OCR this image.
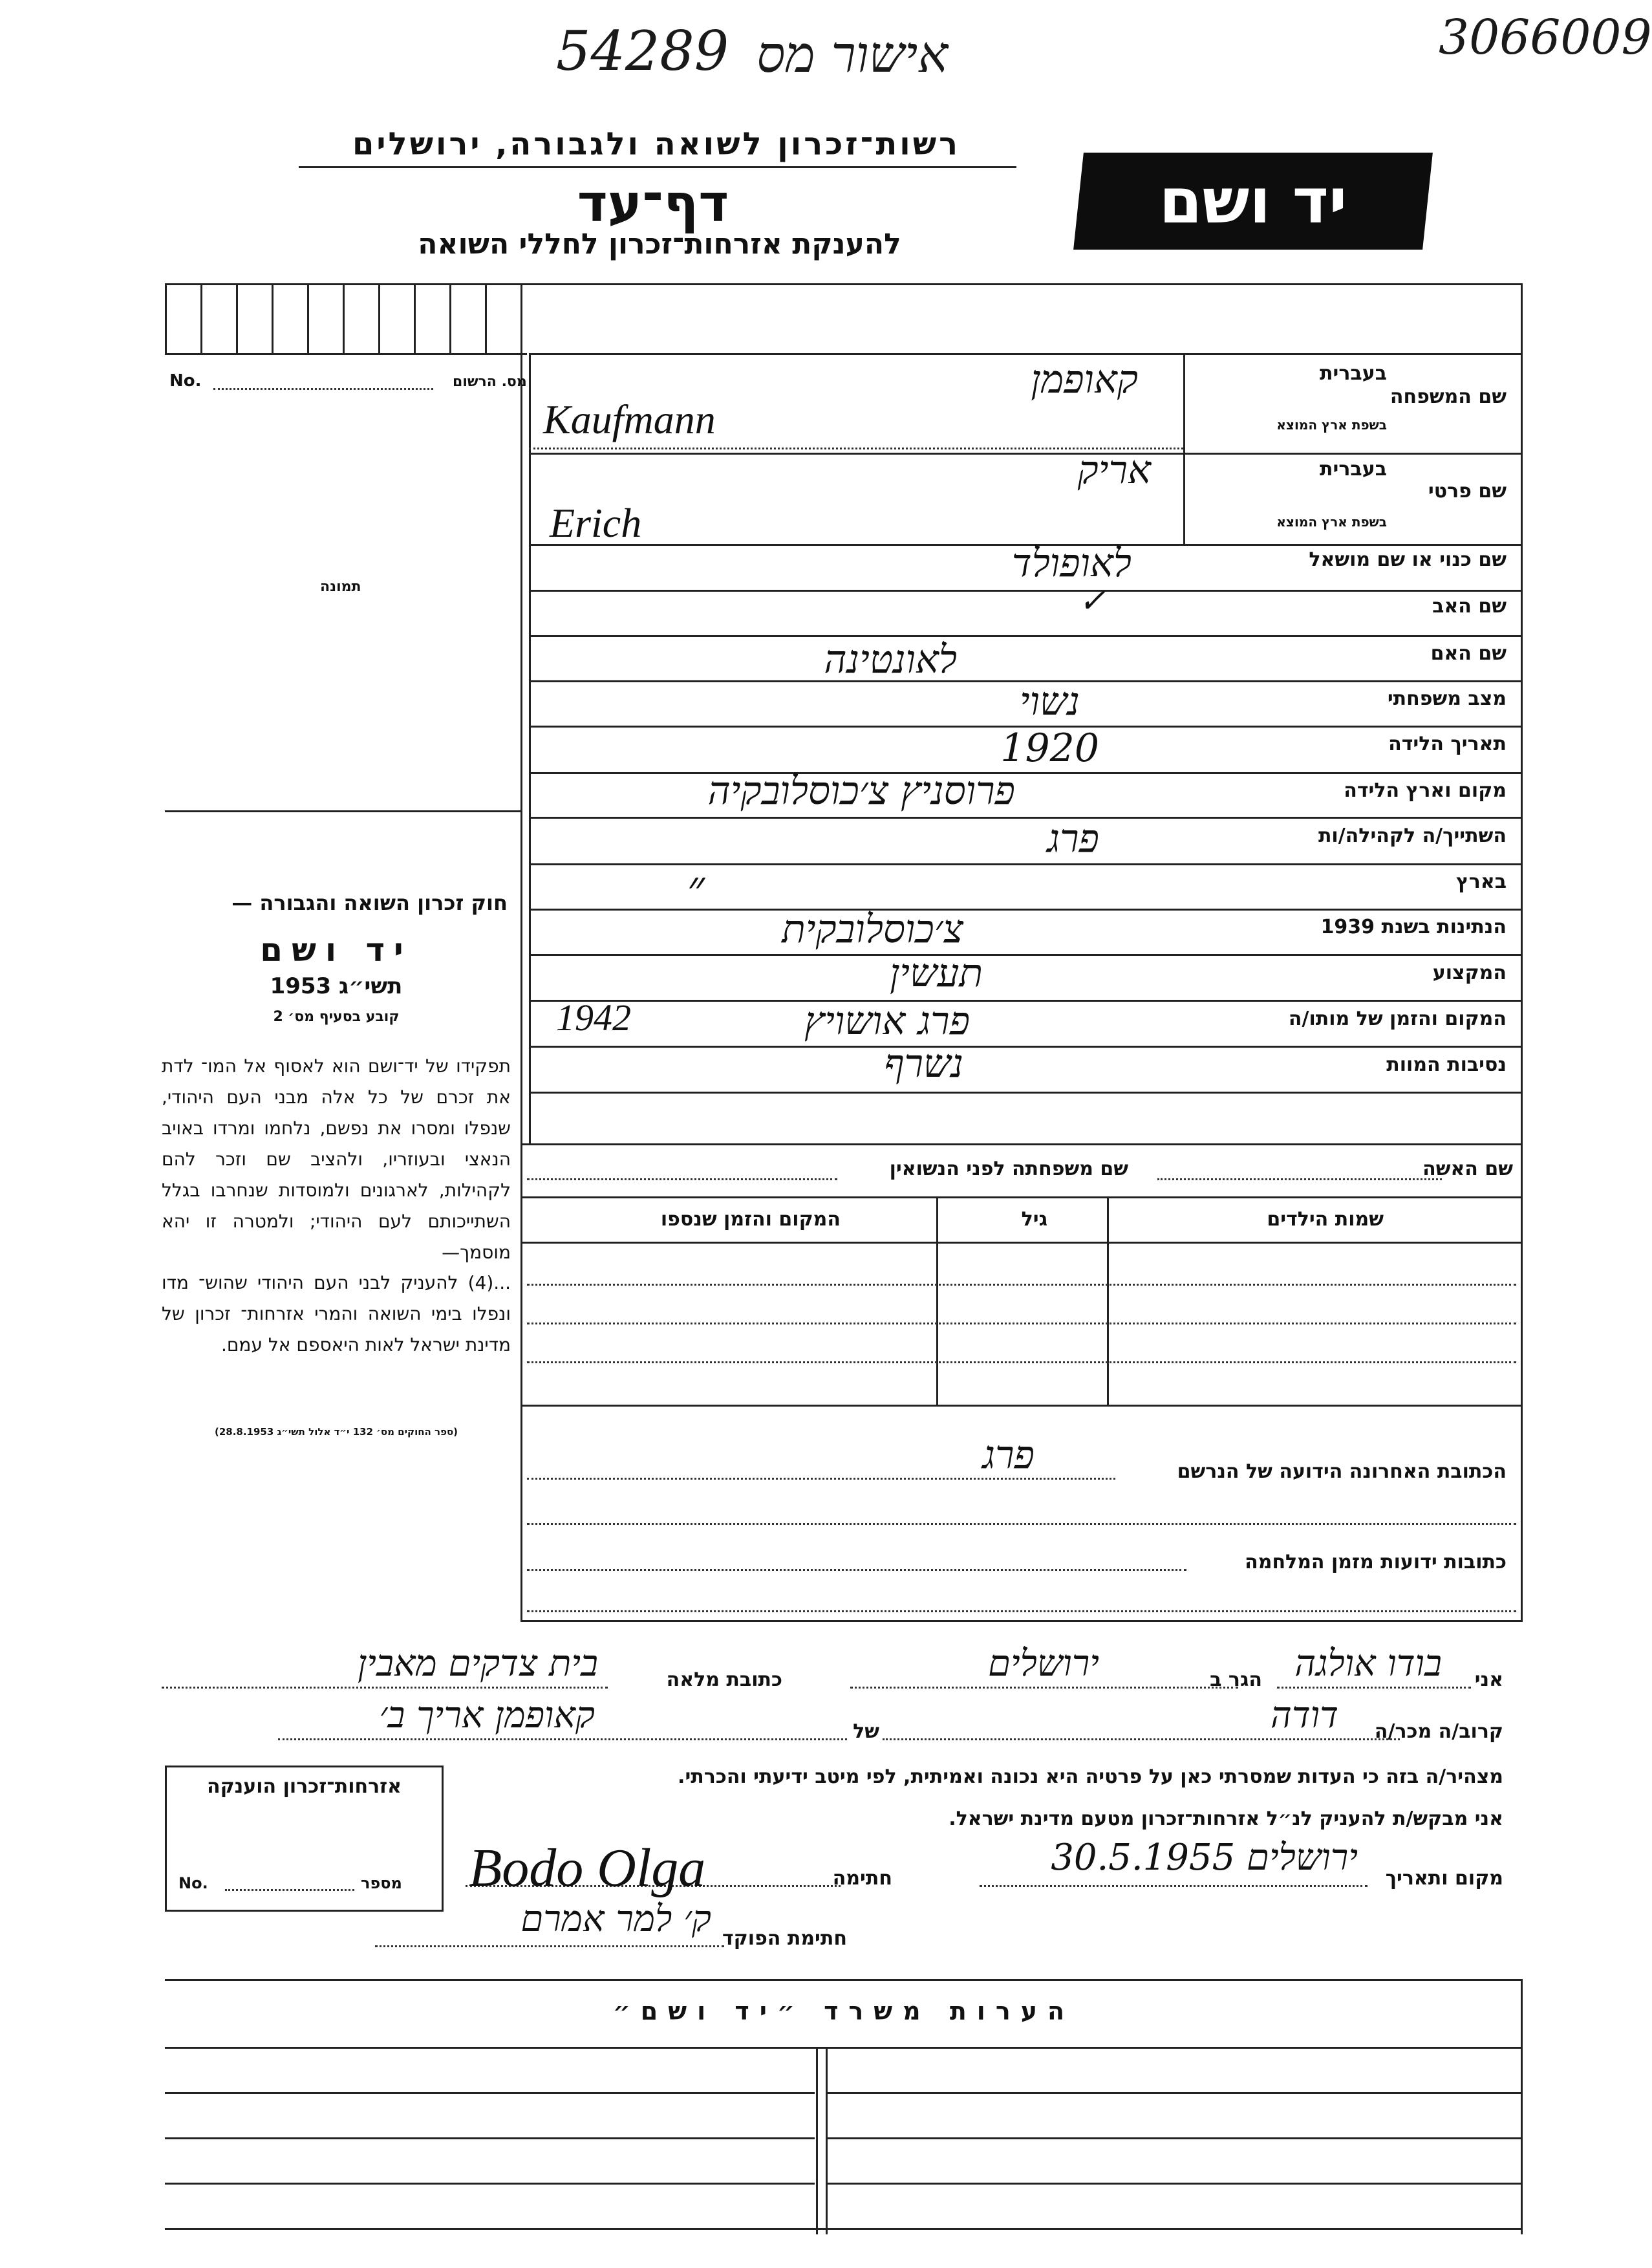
54289 אישור מס	3066009
רשות־זכרון לשואה ולגבורה, ירושלים
דף־עד
להענקת אזרחות־זכרון לחללי השואה
יד ושם
מס. הרשום
No.
תמונה
חוק זכרון השואה והגבורה —
יד ושם
תשי״ג 1953
קובע בסעיף מס׳ 2
תפקידו של יד־ושם הוא לאסוף אל המו־ לדת את זכרם של כל אלה מבני העם היהודי, שנפלו ומסרו את נפשם, נלחמו ומרדו באויב הנאצי ובעוזריו, ולהציב שם וזכר להם לקהילות, לארגונים ולמוסדות שנחרבו בגלל השתייכותם לעם היהודי; ולמטרה זו יהא מוסמך—
...(4) להעניק לבני העם היהודי שהוש־ מדו ונפלו בימי השואה והמרי אזרחות־ זכרון של מדינת ישראל לאות היאספם אל עמם.
(ספר החוקים מס׳ 132 י״ד אלול תשי״ג 28.8.1953)
שם המשפחה
בעברית
בשפת ארץ המוצא
שם פרטי
בעברית
בשפת ארץ המוצא
שם כנוי או שם מושאל
שם האב
שם האם
מצב משפחתי
תאריך הלידה
מקום וארץ הלידה
השתייך/ה לקהילה/ות
בארץ
הנתינות בשנת 1939
המקצוע
המקום והזמן של מותו/ה
נסיבות המוות
קאופמן
Kaufmann
אריק
Erich
לאופולד
✓
לאונטינה
נשוי
1920
פרוסניץ צ׳כוסלובקיה
פרג
״
צ׳כוסלובקית
תעשין
פרג אושויץ
1942
נשרף
שם האשה
שם משפחתה לפני הנשואין
שמות הילדים
גיל
המקום והזמן שנספו
הכתובת האחרונה הידועה של הנרשם
פרג
כתובות ידועות מזמן המלחמה
אני
בודו אולגה
הגר ב
ירושלים
כתובת מלאה
בית צדקים מאבין
קרוב/ה מכר/ה
דודה
של
קאופמן אריך ב׳
מצהיר/ה בזה כי העדות שמסרתי כאן על פרטיה היא נכונה ואמיתית, לפי מיטב ידיעתי והכרתי.
אני מבקש/ת להעניק לנ״ל אזרחות־זכרון מטעם מדינת ישראל.
מקום ותאריך
ירושלים 30.5.1955
חתימה
Bodo Olga
חתימת הפוקד
ק׳ למר אמרם
אזרחות־זכרון הוענקה
No.	מספר
הערות משרד ״יד ושם״
